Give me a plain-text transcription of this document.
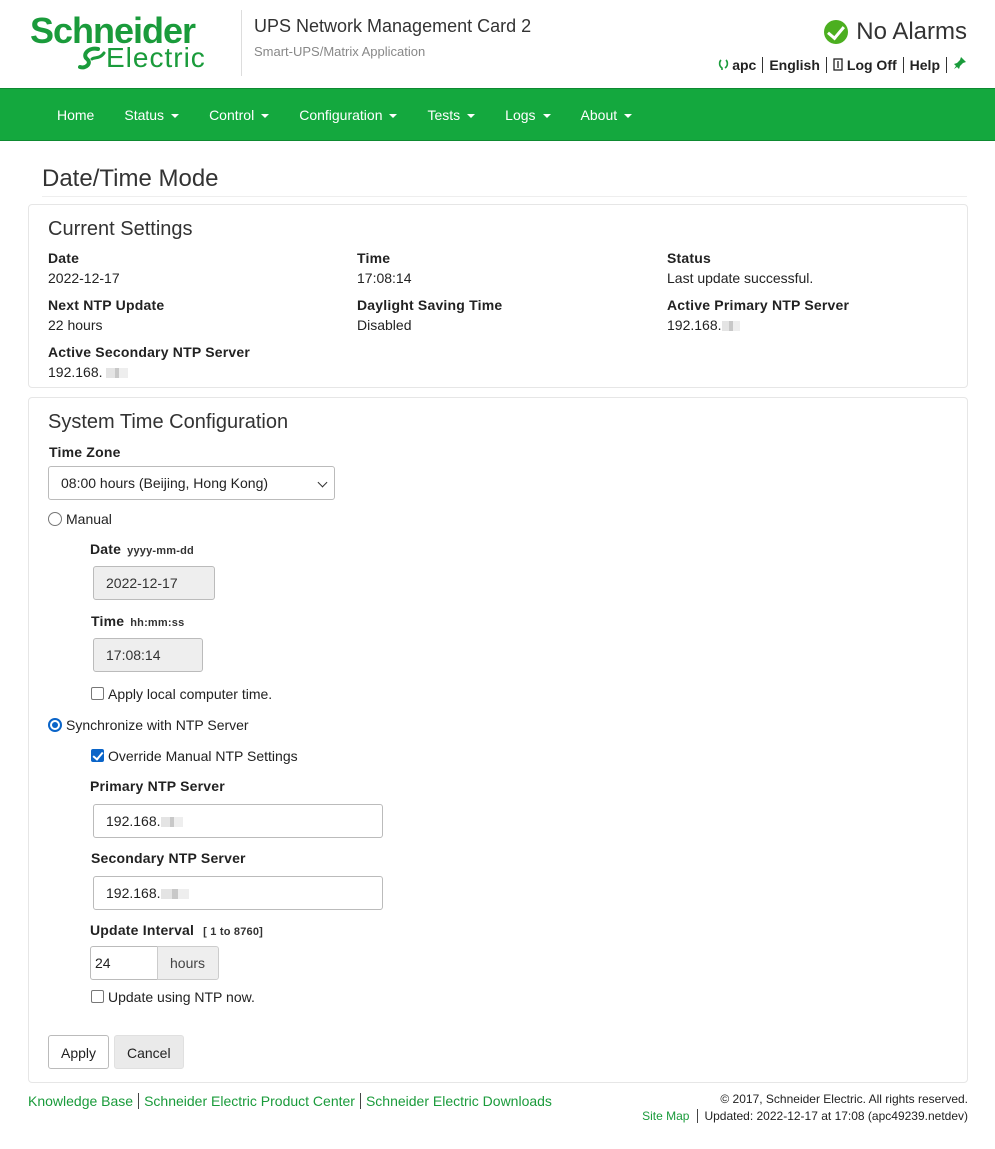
Schneider
Electric
UPS Network Management Card 2
Smart-UPS/Matrix Application
No Alarms
apc English	Log Off Help
Home Status	Control	Configuration	Tests	Logs	About
Date/Time Mode
Current Settings
Date
2022-12-17
Time
17:08:14
Status
Last update successful.
Next NTP Update
22 hours
Daylight Saving Time
Disabled
Active Primary NTP Server
192.168.
Active Secondary NTP Server
192.168.
System Time Configuration
Time Zone
08:00 hours (Beijing, Hong Kong)
Manual
Date yyyy-mm-dd
2022-12-17
Time hh:mm:ss
17:08:14
Apply local computer time.
Synchronize with NTP Server
Override Manual NTP Settings
Primary NTP Server
192.168.
Secondary NTP Server
192.168.
Update Interval [ 1 to 8760]
24	hours
Update using NTP now.
Apply	Cancel
Knowledge Base Schneider Electric Product Center Schneider Electric Downloads	© 2017, Schneider Electric. All rights reserved.
Site Map Updated: 2022-12-17 at 17:08 (apc49239.netdev)
